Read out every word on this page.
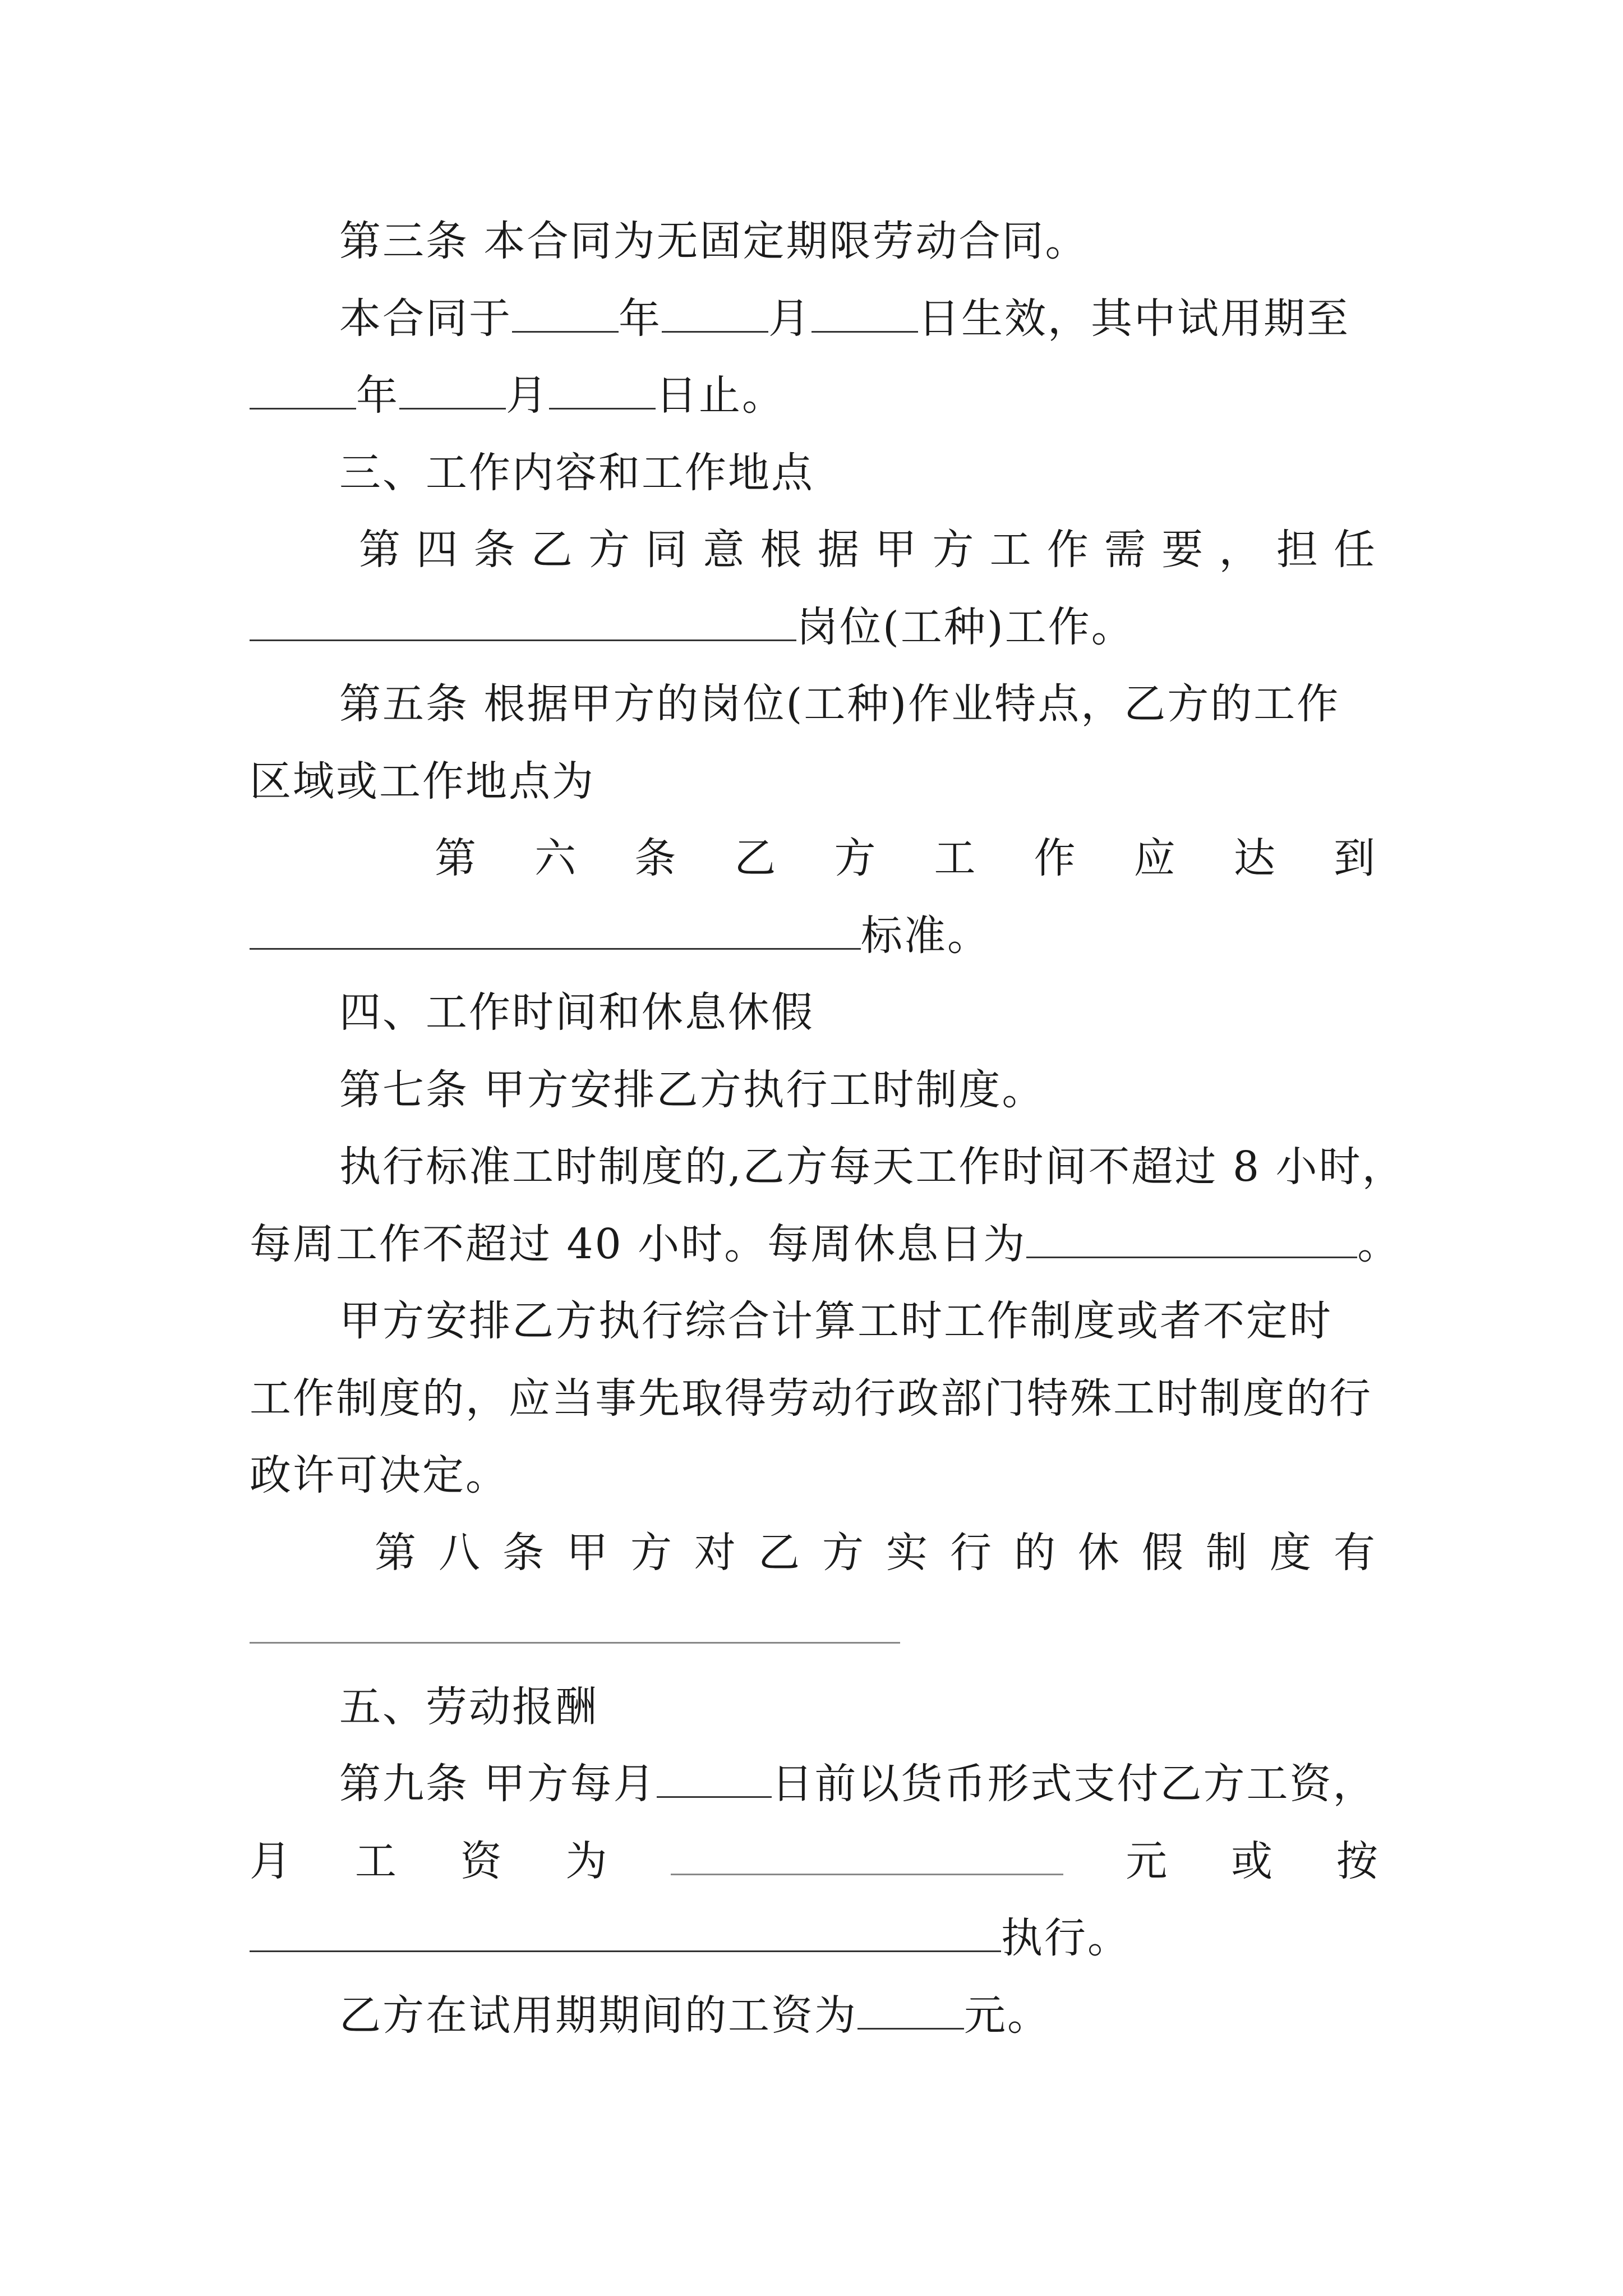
第三条 本合同为无固定期限劳动合同。
本合同于	年	月	日生效，其中试用期至
年	月	日止。
三、工作内容和工作地点
第 四 条 乙 方 同 意 根 据 甲 方 工 作 需 要 ， 担 任
岗位(工种)工作。
第五条 根据甲方的岗位(工种)作业特点，乙方的工作
区域或工作地点为
第 六 条 乙 方 工 作 应 达 到
标准。
四、工作时间和休息休假
第七条 甲方安排乙方执行工时制度。
执行标准工时制度的,乙方每天工作时间不超过 8 小时，
每周工作不超过 40 小时。每周休息日为	。
甲方安排乙方执行综合计算工时工作制度或者不定时
工作制度的，应当事先取得劳动行政部门特殊工时制度的行
政许可决定。
第 八 条 甲 方 对 乙 方 实 行 的 休 假 制 度 有
五、劳动报酬
第九条 甲方每月	日前以货币形式支付乙方工资，
月 工 资 为	元 或 按
执行。
乙方在试用期期间的工资为	元。
